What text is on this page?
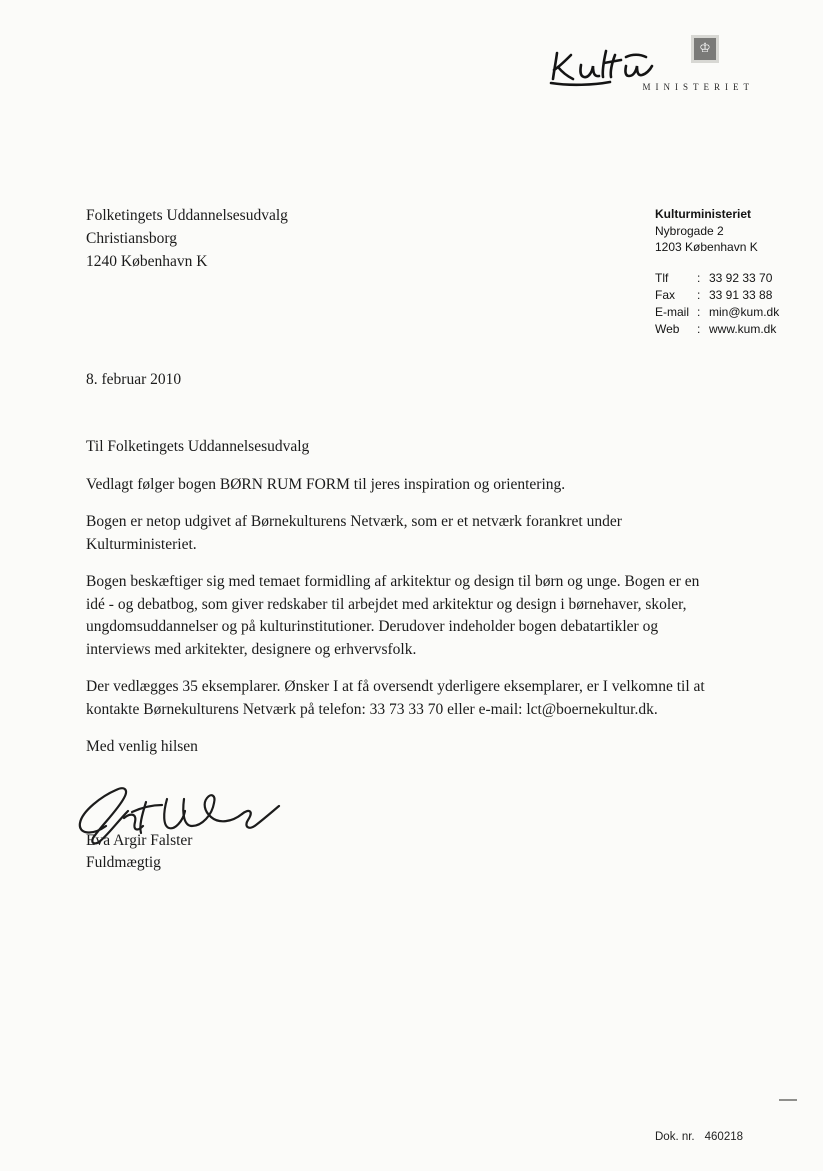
♔
MINISTERIET
Folketingets Uddannelsesudvalg
Christiansborg
1240 København K
Kulturministeriet
Nybrogade 2
1203 København K
Tlf	: 33 92 33 70
Fax	: 33 91 33 88
E-mail : min@kum.dk
Web	: www.kum.dk
8. februar 2010

Til Folketingets Uddannelsesudvalg

Vedlagt følger bogen BØRN RUM FORM til jeres inspiration og orientering.

Bogen er netop udgivet af Børnekulturens Netværk, som er et netværk forankret under Kulturministeriet.

Bogen beskæftiger sig med temaet formidling af arkitektur og design til børn og unge. Bogen er en idé - og debatbog, som giver redskaber til arbejdet med arkitektur og design i børnehaver, skoler, ungdomsuddannelser og på kulturinstitutioner. Derudover indeholder bogen debatartikler og interviews med arkitekter, designere og erhvervsfolk.

Der vedlægges 35 eksemplarer. Ønsker I at få oversendt yderligere eksemplarer, er I velkomne til at kontakte Børnekulturens Netværk på telefon: 33 73 33 70 eller e-mail: lct@boernekultur.dk.

Med venlig hilsen

Eva Argir Falster
Fuldmægtig
Dok. nr. 460218
